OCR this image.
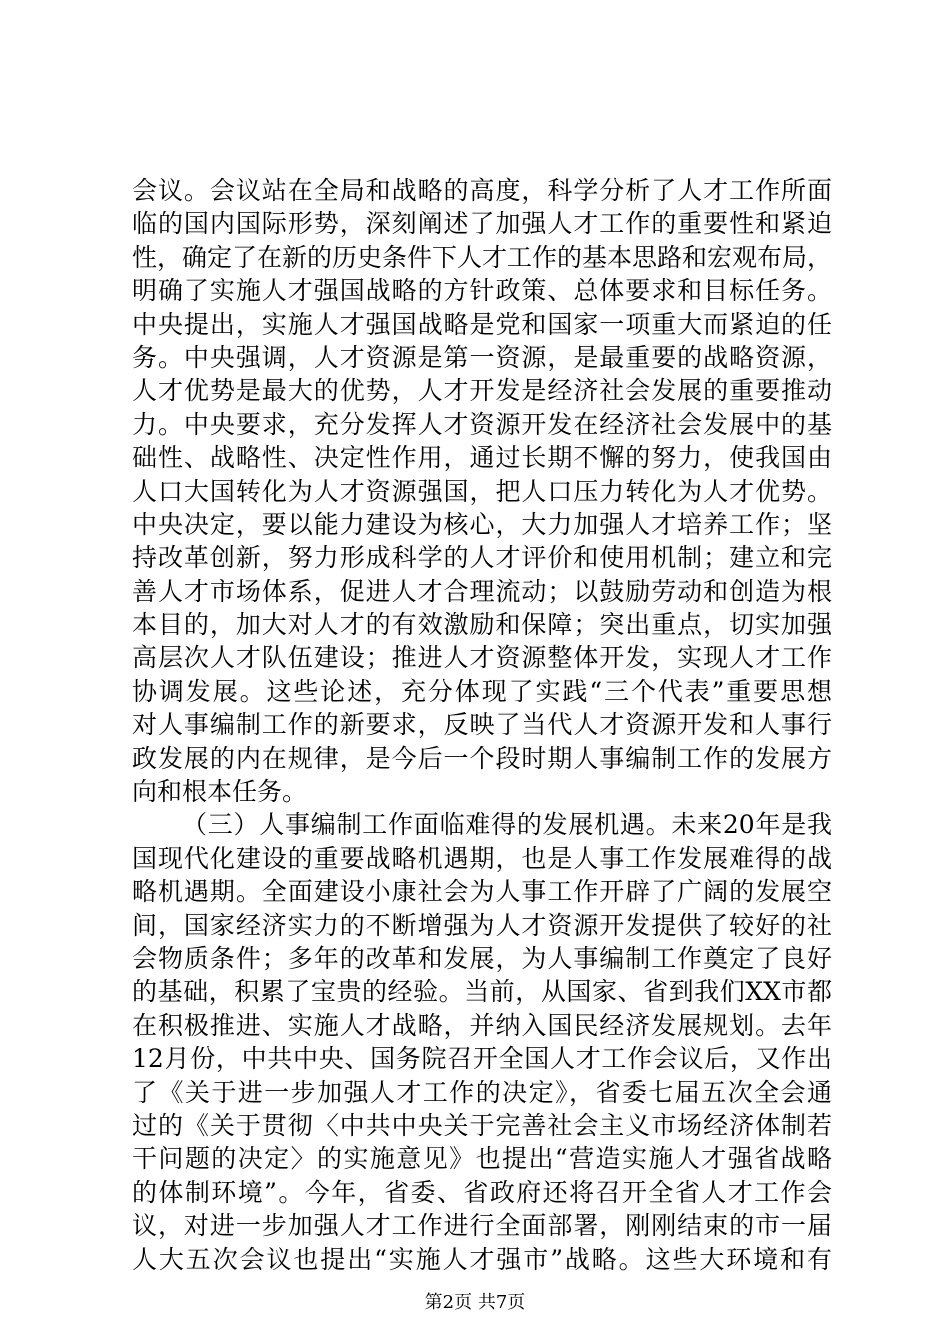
会议。会议站在全局和战略的高度，科学分析了人才工作所面
临的国内国际形势，深刻阐述了加强人才工作的重要性和紧迫
性，确定了在新的历史条件下人才工作的基本思路和宏观布局，
明确了实施人才强国战略的方针政策、总体要求和目标任务。
中央提出，实施人才强国战略是党和国家一项重大而紧迫的任
务。中央强调，人才资源是第一资源，是最重要的战略资源，
人才优势是最大的优势，人才开发是经济社会发展的重要推动
力。中央要求，充分发挥人才资源开发在经济社会发展中的基
础性、战略性、决定性作用，通过长期不懈的努力，使我国由
人口大国转化为人才资源强国，把人口压力转化为人才优势。
中央决定，要以能力建设为核心，大力加强人才培养工作；坚
持改革创新，努力形成科学的人才评价和使用机制；建立和完
善人才市场体系，促进人才合理流动；以鼓励劳动和创造为根
本目的，加大对人才的有效激励和保障；突出重点，切实加强
高层次人才队伍建设；推进人才资源整体开发，实现人才工作
协调发展。这些论述，充分体现了实践“三个代表”重要思想
对人事编制工作的新要求，反映了当代人才资源开发和人事行
政发展的内在规律，是今后一个段时期人事编制工作的发展方
向和根本任务。
（三）人事编制工作面临难得的发展机遇。未来20年是我
国现代化建设的重要战略机遇期，也是人事工作发展难得的战
略机遇期。全面建设小康社会为人事工作开辟了广阔的发展空
间，国家经济实力的不断增强为人才资源开发提供了较好的社
会物质条件；多年的改革和发展，为人事编制工作奠定了良好
的基础，积累了宝贵的经验。当前，从国家、省到我们XX市都
在积极推进、实施人才战略，并纳入国民经济发展规划。去年
12月份，中共中央、国务院召开全国人才工作会议后，又作出
了《关于进一步加强人才工作的决定》，省委七届五次全会通
过的《关于贯彻〈中共中央关于完善社会主义市场经济体制若
干问题的决定〉的实施意见》也提出“营造实施人才强省战略
的体制环境”。今年，省委、省政府还将召开全省人才工作会
议，对进一步加强人才工作进行全面部署，刚刚结束的市一届
人大五次会议也提出“实施人才强市”战略。这些大环境和有
第2页 共7页
